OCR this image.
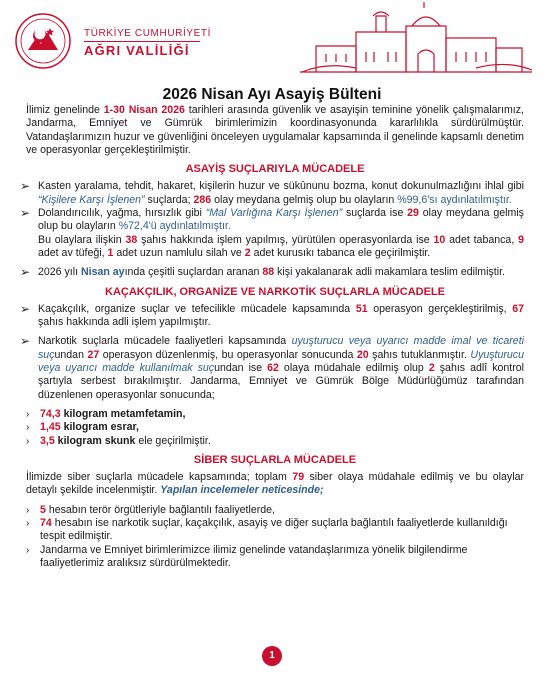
TÜRKİYE CUMHURİYETİ
AĞRI VALİLİĞİ
2026 Nisan Ayı Asayiş Bülteni

İlimiz genelinde 1-30 Nisan 2026 tarihleri arasında güvenlik ve asayişin teminine yönelik çalışmalarımız, Jandarma, Emniyet ve Gümrük birimlerimizin koordinasyonunda kararlılıkla sürdürülmüştür. Vatandaşlarımızın huzur ve güvenliğini önceleyen uygulamalar kapsamında il genelinde kapsamlı denetim ve operasyonlar gerçekleştirilmiştir.

ASAYİŞ SUÇLARIYLA MÜCADELE

➢ Kasten yaralama, tehdit, hakaret, kişilerin huzur ve sükûnunu bozma, konut dokunulmazlığını ihlal gibi “Kişilere Karşı İşlenen” suçlarda; 286 olay meydana gelmiş olup bu olayların %99,6'sı aydınlatılmıştır.

➢ Dolandırıcılık, yağma, hırsızlık gibi “Mal Varlığına Karşı İşlenen” suçlarda ise 29 olay meydana gelmiş olup bu olayların %72,4'ü aydınlatılmıştır.

Bu olaylara ilişkin 38 şahıs hakkında işlem yapılmış, yürütülen operasyonlarda ise 10 adet tabanca, 9 adet av tüfeği, 1 adet uzun namlulu silah ve 2 adet kurusıkı tabanca ele geçirilmiştir.

➢ 2026 yılı Nisan ayında çeşitli suçlardan aranan 88 kişi yakalanarak adli makamlara teslim edilmiştir.

KAÇAKÇILIK, ORGANİZE VE NARKOTİK SUÇLARLA MÜCADELE

➢ Kaçakçılık, organize suçlar ve tefecilikle mücadele kapsamında 51 operasyon gerçekleştirilmiş, 67 şahıs hakkında adli işlem yapılmıştır.

➢ Narkotik suçlarla mücadele faaliyetleri kapsamında uyuşturucu veya uyarıcı madde imal ve ticareti suçundan 27 operasyon düzenlenmiş, bu operasyonlar sonucunda 20 şahıs tutuklanmıştır. Uyuşturucu veya uyarıcı madde kullanılmak suçundan ise 62 olaya müdahale edilmiş olup 2 şahıs adlî kontrol şartıyla serbest bırakılmıştır. Jandarma, Emniyet ve Gümrük Bölge Müdürlüğümüz tarafından düzenlenen operasyonlar sonucunda;

› 74,3 kilogram metamfetamin,
› 1,45 kilogram esrar,
› 3,5 kilogram skunk ele geçirilmiştir.
SİBER SUÇLARLA MÜCADELE

İlimizde siber suçlarla mücadele kapsamında; toplam 79 siber olaya müdahale edilmiş ve bu olaylar detaylı şekilde incelenmiştir. Yapılan incelemeler neticesinde;

› 5 hesabın terör örgütleriyle bağlantılı faaliyetlerde,
› 74 hesabın ise narkotik suçlar, kaçakçılık, asayiş ve diğer suçlarla bağlantılı faaliyetlerde kullanıldığı tespit edilmiştir.
› Jandarma ve Emniyet birimlerimizce ilimiz genelinde vatandaşlarımıza yönelik bilgilendirme faaliyetlerimiz aralıksız sürdürülmektedir.
1
